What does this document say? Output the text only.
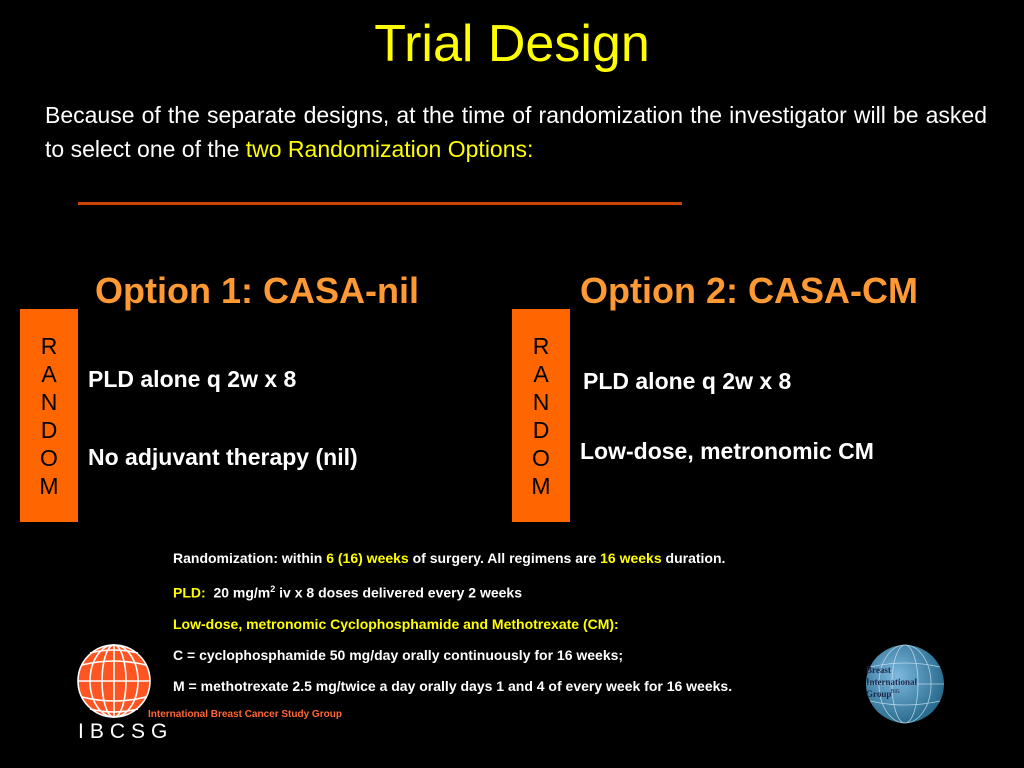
Trial Design
Because of the separate designs, at the time of randomization the investigator will be asked to select one of the two Randomization Options:
Option 1: CASA-nil
R
A
N
D
O
M
PLD alone q 2w x 8
No adjuvant therapy (nil)
Option 2: CASA-CM
R
A
N
D
O
M
PLD alone q 2w x 8
Low-dose, metronomic CM
Randomization: within 6 (16) weeks of surgery. All regimens are 16 weeks duration.
PLD: 20 $mg/m^2$ iv x 8 doses delivered every 2 weeks
Low-dose, metronomic Cyclophosphamide and Methotrexate (CM):
C = cyclophosphamide 50 mg/day orally continuously for 16 weeks;
M = methotrexate 2.5 mg/twice a day orally days 1 and 4 of every week for 16 weeks.
International Breast Cancer Study Group
IBCSG
Breast
International
Group BIG
